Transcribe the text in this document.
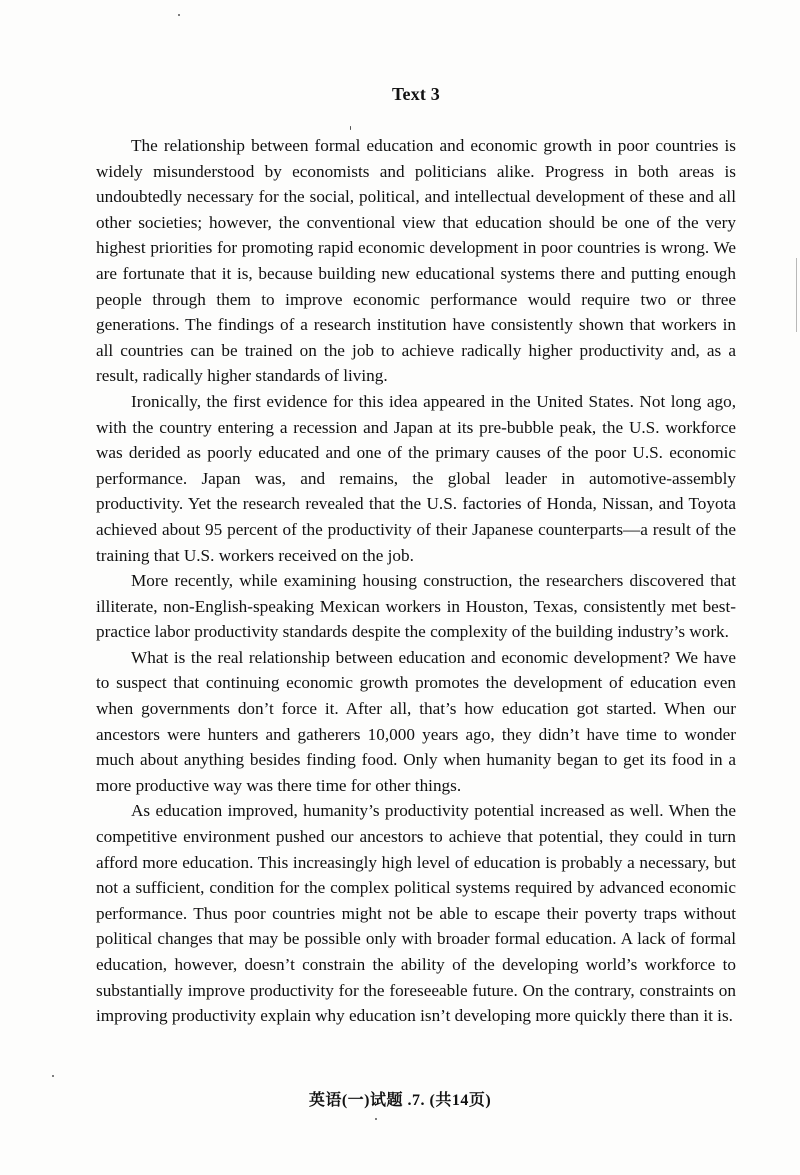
Text 3

The relationship between formal education and economic growth in poor countries is widely misunderstood by economists and politicians alike. Progress in both areas is undoubtedly necessary for the social, political, and intellectual development of these and all other societies; however, the conventional view that education should be one of the very highest priorities for promoting rapid economic development in poor countries is wrong. We are fortunate that it is, because building new educational systems there and putting enough people through them to improve economic performance would require two or three generations. The findings of a research institution have consistently shown that workers in all countries can be trained on the job to achieve radically higher productivity and, as a result, radically higher standards of living.

Ironically, the first evidence for this idea appeared in the United States. Not long ago, with the country entering a recession and Japan at its pre-bubble peak, the U.S. workforce was derided as poorly educated and one of the primary causes of the poor U.S. economic performance. Japan was, and remains, the global leader in automotive-assembly productivity. Yet the research revealed that the U.S. factories of Honda, Nissan, and Toyota achieved about 95 percent of the productivity of their Japanese counterparts—a result of the training that U.S. workers received on the job.

More recently, while examining housing construction, the researchers discovered that illiterate, non-English-speaking Mexican workers in Houston, Texas, consistently met best-practice labor productivity standards despite the complexity of the building industry’s work.

What is the real relationship between education and economic development? We have to suspect that continuing economic growth promotes the development of education even when governments don’t force it. After all, that’s how education got started. When our ancestors were hunters and gatherers 10,000 years ago, they didn’t have time to wonder much about anything besides finding food. Only when humanity began to get its food in a more productive way was there time for other things.

As education improved, humanity’s productivity potential increased as well. When the competitive environment pushed our ancestors to achieve that potential, they could in turn afford more education. This increasingly high level of education is probably a necessary, but not a sufficient, condition for the complex political systems required by advanced economic performance. Thus poor countries might not be able to escape their poverty traps without political changes that may be possible only with broader formal education. A lack of formal education, however, doesn’t constrain the ability of the developing world’s workforce to substantially improve productivity for the foreseeable future. On the contrary, constraints on improving productivity explain why education isn’t developing more quickly there than it is.

英语(一)试题 .7. (共14页)
